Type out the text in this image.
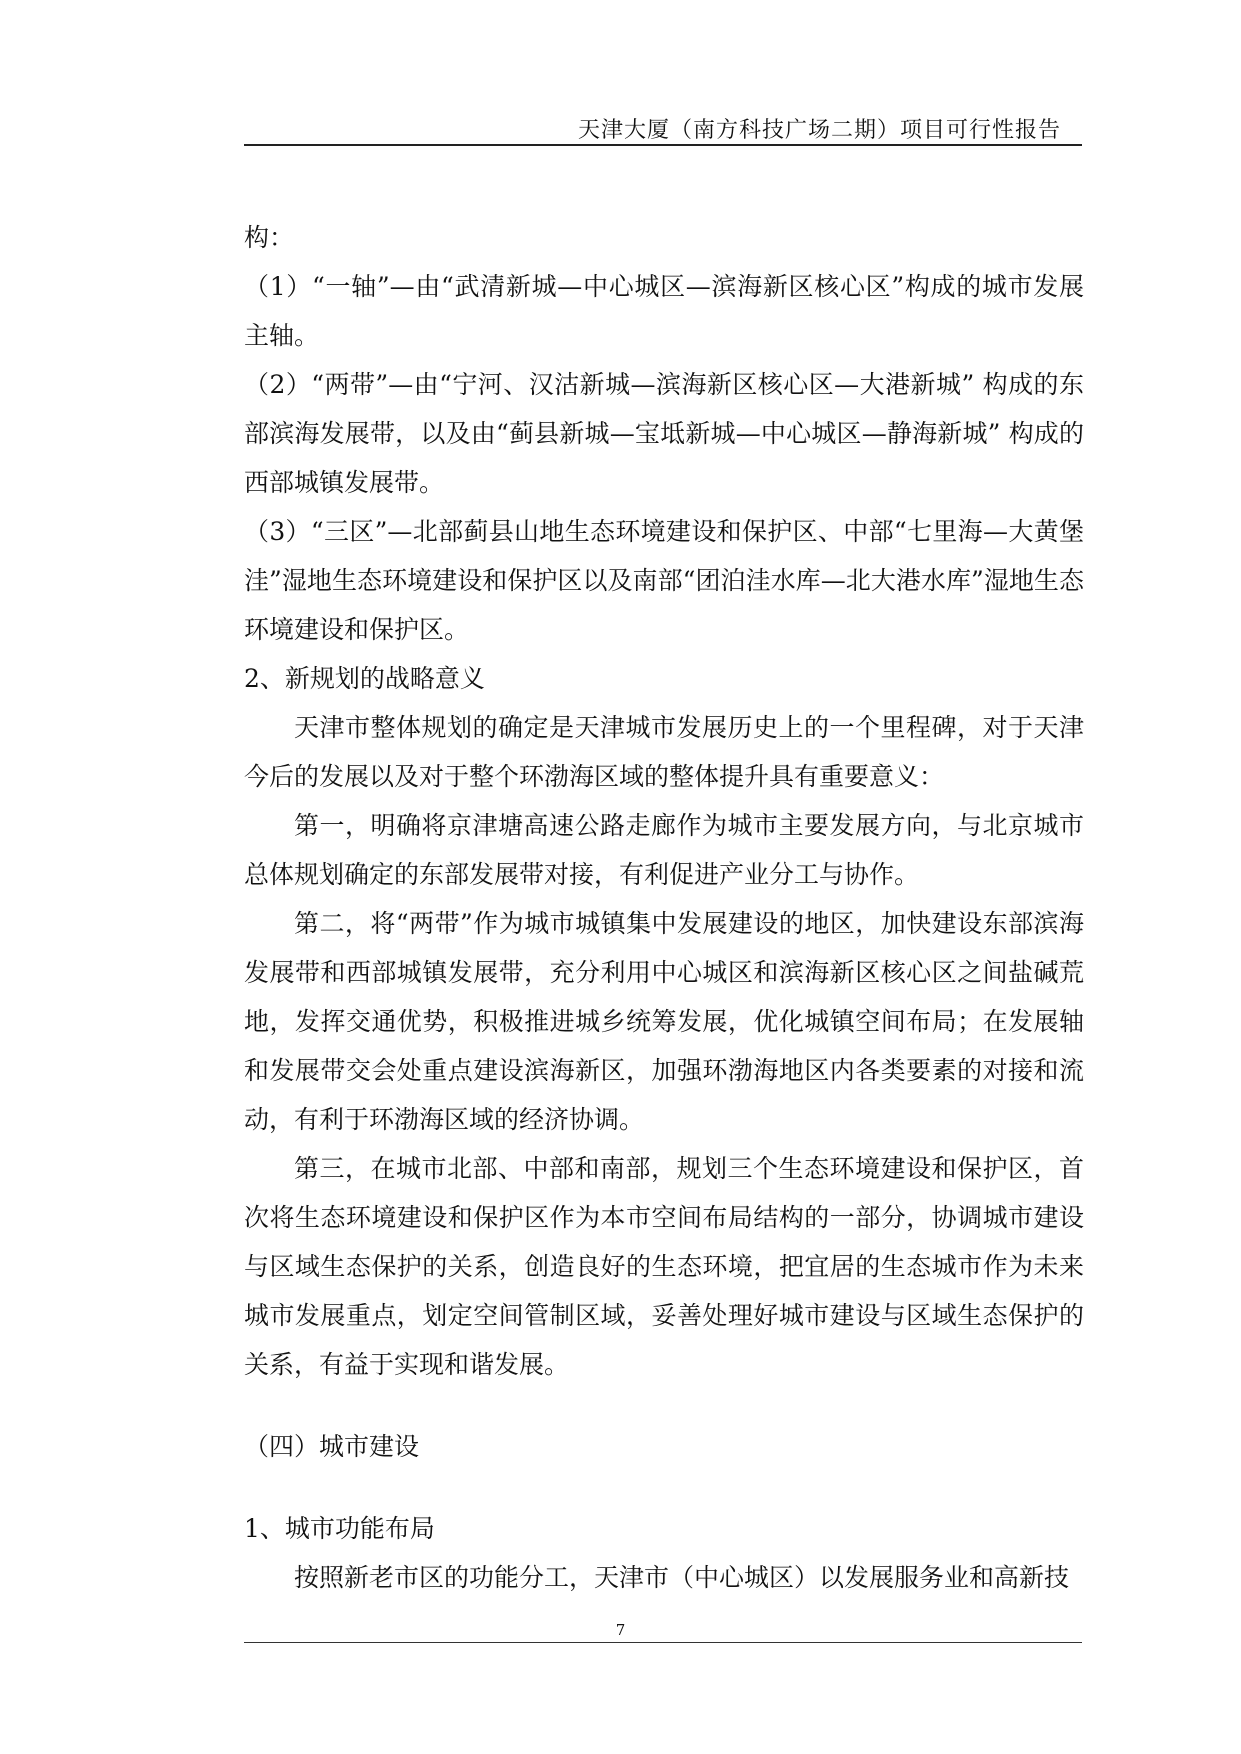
天津大厦（南方科技广场二期）项目可行性报告

构：

（1）“一轴”—由“武清新城—中心城区—滨海新区核心区”构成的城市发展主轴。

（2）“两带”—由“宁河、汉沽新城—滨海新区核心区—大港新城” 构成的东部滨海发展带，以及由“蓟县新城—宝坻新城—中心城区—静海新城” 构成的西部城镇发展带。

（3）“三区”—北部蓟县山地生态环境建设和保护区、中部“七里海—大黄堡洼”湿地生态环境建设和保护区以及南部“团泊洼水库—北大港水库”湿地生态环境建设和保护区。

2、新规划的战略意义

天津市整体规划的确定是天津城市发展历史上的一个里程碑，对于天津今后的发展以及对于整个环渤海区域的整体提升具有重要意义：

第一，明确将京津塘高速公路走廊作为城市主要发展方向，与北京城市总体规划确定的东部发展带对接，有利促进产业分工与协作。

第二，将“两带”作为城市城镇集中发展建设的地区，加快建设东部滨海发展带和西部城镇发展带，充分利用中心城区和滨海新区核心区之间盐碱荒地，发挥交通优势，积极推进城乡统筹发展，优化城镇空间布局；在发展轴和发展带交会处重点建设滨海新区，加强环渤海地区内各类要素的对接和流动，有利于环渤海区域的经济协调。

第三，在城市北部、中部和南部，规划三个生态环境建设和保护区，首次将生态环境建设和保护区作为本市空间布局结构的一部分，协调城市建设与区域生态保护的关系，创造良好的生态环境，把宜居的生态城市作为未来城市发展重点，划定空间管制区域，妥善处理好城市建设与区域生态保护的关系，有益于实现和谐发展。

（四）城市建设

1、城市功能布局

按照新老市区的功能分工，天津市（中心城区）以发展服务业和高新技

7
